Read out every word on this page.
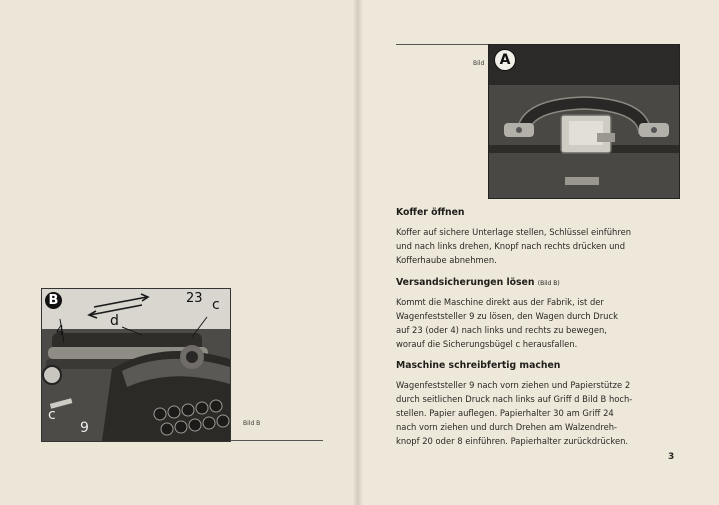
B	23 c
d
4
c
9	Bild B
Bild	A
Koffer öffnen
Koffer auf sichere Unterlage stellen, Schlüssel einführen
und nach links drehen, Knopf nach rechts drücken und
Kofferhaube abnehmen.
Versandsicherungen lösen (Bild B)
Kommt die Maschine direkt aus der Fabrik, ist der
Wagenfeststeller 9 zu lösen, den Wagen durch Druck
auf 23 (oder 4) nach links und rechts zu bewegen,
worauf die Sicherungsbügel c herausfallen.
Maschine schreibfertig machen
Wagenfeststeller 9 nach vorn ziehen und Papierstütze 2
durch seitlichen Druck nach links auf Griff d Bild B hoch-
stellen. Papier auflegen. Papierhalter 30 am Griff 24
nach vorn ziehen und durch Drehen am Walzendreh-
knopf 20 oder 8 einführen. Papierhalter zurückdrücken.
3
